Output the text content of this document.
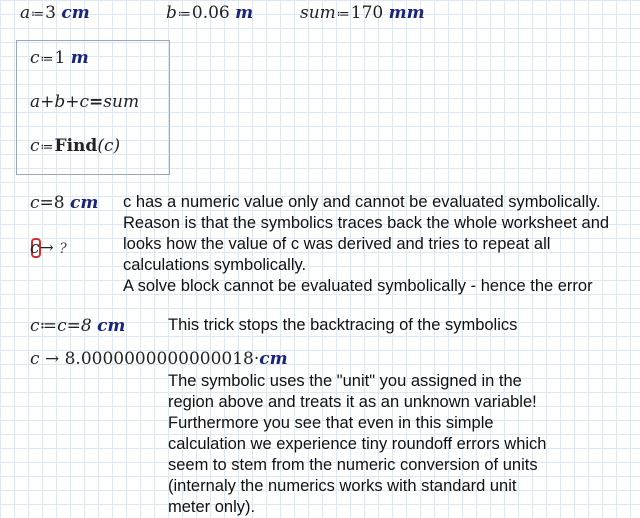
a≔3 cm	b≔0.06 m	sum≔170 mm
c≔1 m
a+b+c=sum
c≔Find(c)
c=8 cm c has a numeric value only and cannot be evaluated symbolically.
Reason is that the symbolics traces back the whole worksheet and
looks how the value of c was derived and tries to repeat all
calculations symbolically.
A solve block cannot be evaluated symbolically - hence the error
c→ ?
c≔c=8 cm	This trick stops the backtracing of the symbolics
c → 8.0000000000000018·cm
The symbolic uses the "unit" you assigned in the
region above and treats it as an unknown variable!
Furthermore you see that even in this simple
calculation we experience tiny roundoff errors which
seem to stem from the numeric conversion of units
(internaly the numerics works with standard unit
meter only).
